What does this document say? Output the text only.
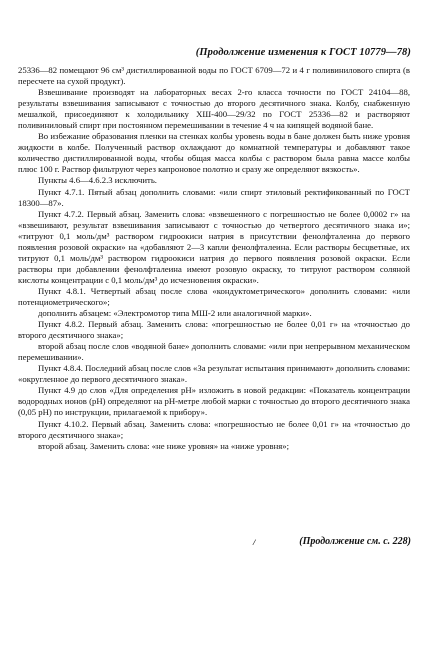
(Продолжение изменения к ГОСТ 10779—78)

25336—82 помещают 96 см³ дистиллированной воды по ГОСТ 6709—72 и 4 г поливинилового спирта (в пересчете на сухой продукт).

Взвешивание производят на лабораторных весах 2-го класса точности по ГОСТ 24104—88, результаты взвешивания записывают с точностью до второго десятичного знака. Колбу, снабженную мешалкой, присоединяют к холодильнику ХШ-400—29/32 по ГОСТ 25336—82 и растворяют поливиниловый спирт при постоянном перемешивании в течение 4 ч на кипящей водяной бане.

Во избежание образования пленки на стенках колбы уровень воды в бане должен быть ниже уровня жидкости в колбе. Полученный раствор охлаждают до комнатной температуры и добавляют такое количество дистиллированной воды, чтобы общая масса колбы с раствором была равна массе колбы плюс 100 г. Раствор фильтруют через капроновое полотно и сразу же определяют вязкость».

Пункты 4.6—4.6.2.3 исключить.

Пункт 4.7.1. Пятый абзац дополнить словами: «или спирт этиловый ректификованный по ГОСТ 18300—87».

Пункт 4.7.2. Первый абзац. Заменить слова: «взвешенного с погрешностью не более 0,0002 г» на «взвешивают, результат взвешивания записывают с точностью до четвертого десятичного знака и»; «титруют 0,1 моль/дм³ раствором гидроокиси натрия в присутствии фенолфталеина до первого появления розовой окраски» на «добавляют 2—3 капли фенолфталеина. Если растворы бесцветные, их титруют 0,1 моль/дм³ раствором гидроокиси натрия до первого появления розовой окраски. Если растворы при добавлении фенолфталеина имеют розовую окраску, то титруют раствором соляной кислоты концентрации с 0,1 моль/дм³ до исчезновения окраски».

Пункт 4.8.1. Четвертый абзац после слова «кондуктометрического» дополнить словами: «или потенциометрического»;

дополнить абзацем: «Электромотор типа МШ-2 или аналогичной марки».

Пункт 4.8.2. Первый абзац. Заменить слова: «погрешностью не более 0,01 г» на «точностью до второго десятичного знака»;

второй абзац после слов «водяной бане» дополнить словами: «или при непрерывном механическом перемешивании».

Пункт 4.8.4. Последний абзац после слов «За результат испытания принимают» дополнить словами: «округленное до первого десятичного знака».

Пункт 4.9 до слов «Для определения рН» изложить в новой редакции: «Показатель концентрации водородных ионов (рН) определяют на рН-метре любой марки с точностью до второго десятичного знака (0,05 рН) по инструкции, прилагаемой к прибору».

Пункт 4.10.2. Первый абзац. Заменить слова: «погрешностью не более 0,01 г» на «точностью до второго десятичного знака»;

второй абзац. Заменить слова: «не ниже уровня» на «ниже уровня»;

/	(Продолжение см. с. 228)
